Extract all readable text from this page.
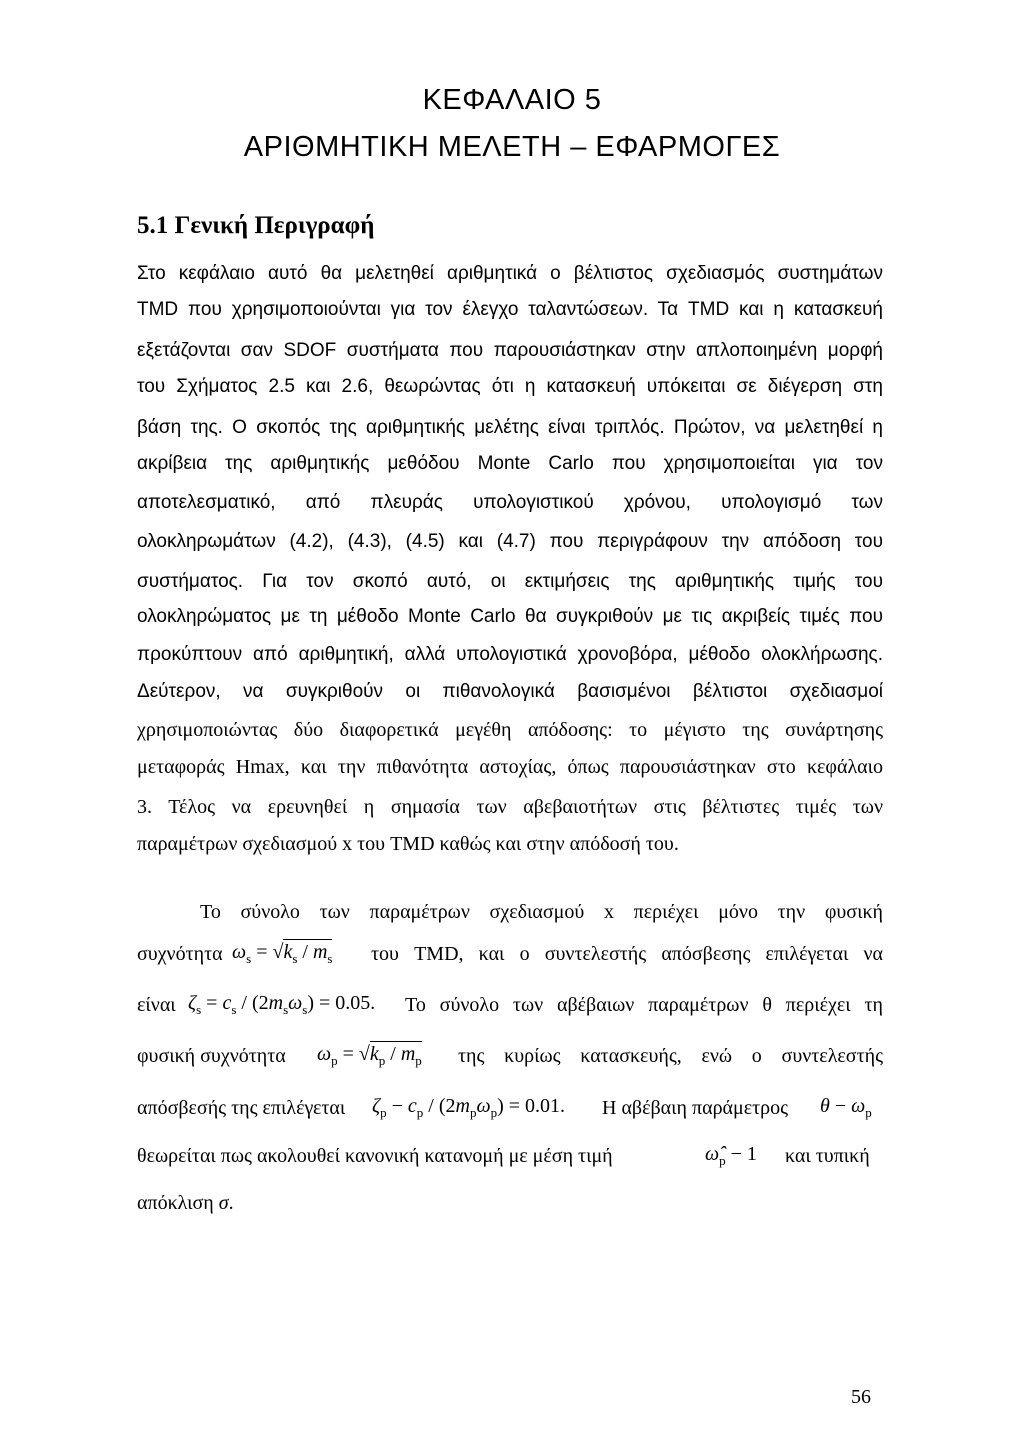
ΚΕΦΑΛΑΙΟ 5
ΑΡΙΘΜΗΤΙΚΗ ΜΕΛΕΤΗ – ΕΦΑΡΜΟΓΕΣ
5.1 Γενική Περιγραφή
Στο κεφάλαιο αυτό θα μελετηθεί αριθμητικά ο βέλτιστος σχεδιασμός συστημάτων
TMD που χρησιμοποιούνται για τον έλεγχο ταλαντώσεων. Τα TMD και η κατασκευή
εξετάζονται σαν SDOF συστήματα που παρουσιάστηκαν στην απλοποιημένη μορφή
του Σχήματος 2.5 και 2.6, θεωρώντας ότι η κατασκευή υπόκειται σε διέγερση στη
βάση της. Ο σκοπός της αριθμητικής μελέτης είναι τριπλός. Πρώτον, να μελετηθεί η
ακρίβεια της αριθμητικής μεθόδου Monte Carlo που χρησιμοποιείται για τον
αποτελεσματικό, από πλευράς υπολογιστικού χρόνου, υπολογισμό των
ολοκληρωμάτων (4.2), (4.3), (4.5) και (4.7) που περιγράφουν την απόδοση του
συστήματος. Για τον σκοπό αυτό, οι εκτιμήσεις της αριθμητικής τιμής του
ολοκληρώματος με τη μέθοδο Monte Carlo θα συγκριθούν με τις ακριβείς τιμές που
προκύπτουν από αριθμητική, αλλά υπολογιστικά χρονοβόρα, μέθοδο ολοκλήρωσης.
Δεύτερον, να συγκριθούν οι πιθανολογικά βασισμένοι βέλτιστοι σχεδιασμοί
χρησιμοποιώντας δύο διαφορετικά μεγέθη απόδοσης: το μέγιστο της συνάρτησης
μεταφοράς Hmax, και την πιθανότητα αστοχίας, όπως παρουσιάστηκαν στο κεφάλαιο
3. Τέλος να ερευνηθεί η σημασία των αβεβαιοτήτων στις βέλτιστες τιμές των
παραμέτρων σχεδιασμού x του TMD καθώς και στην απόδοσή του.
Το σύνολο των παραμέτρων σχεδιασμού x περιέχει μόνο την φυσική
συχνότητα $\omega_s = √k_s / m_s$ του TMD, και ο συντελεστής απόσβεσης επιλέγεται να
είναι $\zeta_s = c_s / (2m_s\omega_s) = 0.05$. Το σύνολο των αβέβαιων παραμέτρων θ περιέχει τη
φυσική συχνότητα $\omega_p = √k_p / m_p$ της κυρίως κατασκευής, ενώ ο συντελεστής
απόσβεσής της επιλέγεται $\zeta_p - c_p / (2m_p\omega_p) = 0.01$. Η αβέβαιη παράμετρος $\theta - \omega_p$
θεωρείται πως ακολουθεί κανονική κατανομή με μέση τιμή	$\omegâ_p - 1$ και τυπική
απόκλιση σ.
56
